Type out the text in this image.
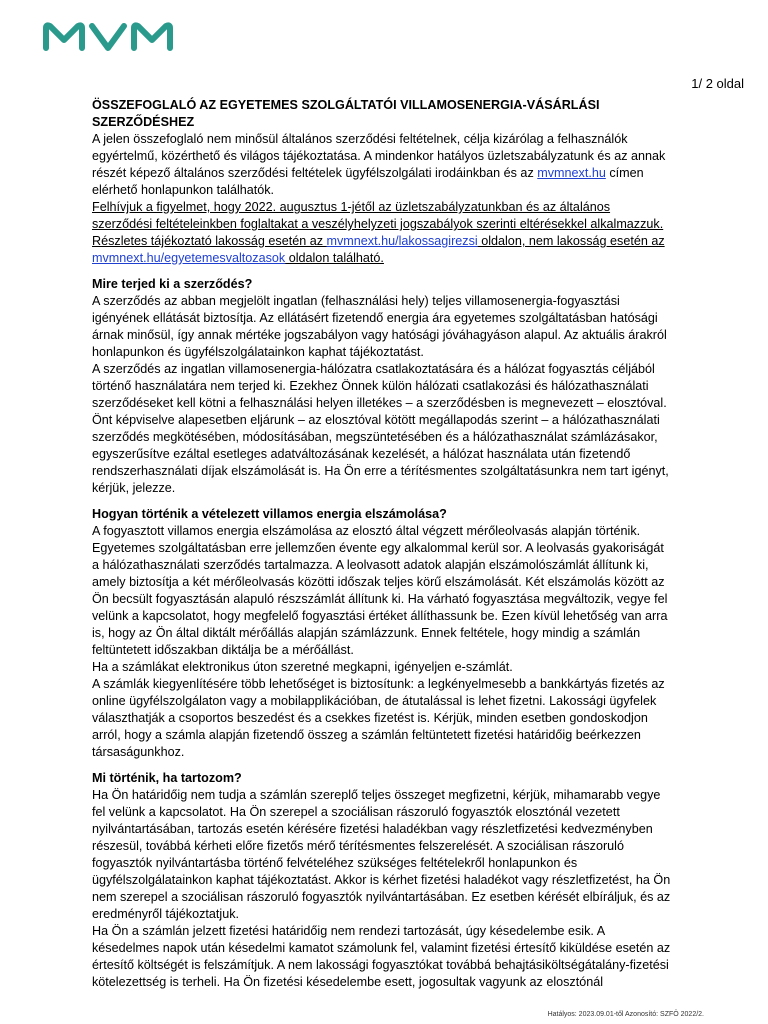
1/ 2 oldal

ÖSSZEFOGLALÓ AZ EGYETEMES SZOLGÁLTATÓI VILLAMOSENERGIA-VÁSÁRLÁSI SZERZŐDÉSHEZ

A jelen összefoglaló nem minősül általános szerződési feltételnek, célja kizárólag a felhasználók egyértelmű, közérthető és világos tájékoztatása. A mindenkor hatályos üzletszabályzatunk és az annak részét képező általános szerződési feltételek ügyfélszolgálati irodáinkban és az mvmnext.hu címen elérhető honlapunkon találhatók.

Felhívjuk a figyelmet, hogy 2022. augusztus 1-jétől az üzletszabályzatunkban és az általános szerződési feltételeinkben foglaltakat a veszélyhelyzeti jogszabályok szerinti eltérésekkel alkalmazzuk. Részletes tájékoztató lakosság esetén az mvmnext.hu/lakossagirezsi oldalon, nem lakosság esetén az mvmnext.hu/egyetemesvaltozasok oldalon található.

Mire terjed ki a szerződés?

A szerződés az abban megjelölt ingatlan (felhasználási hely) teljes villamosenergia-fogyasztási igényének ellátását biztosítja. Az ellátásért fizetendő energia ára egyetemes szolgáltatásban hatósági árnak minősül, így annak mértéke jogszabályon vagy hatósági jóváhagyáson alapul. Az aktuális árakról honlapunkon és ügyfélszolgálatainkon kaphat tájékoztatást.

A szerződés az ingatlan villamosenergia-hálózatra csatlakoztatására és a hálózat fogyasztás céljából történő használatára nem terjed ki. Ezekhez Önnek külön hálózati csatlakozási és hálózathasználati szerződéseket kell kötni a felhasználási helyen illetékes – a szerződésben is megnevezett – elosztóval. Önt képviselve alapesetben eljárunk – az elosztóval kötött megállapodás szerint – a hálózathasználati szerződés megkötésében, módosításában, megszüntetésében és a hálózathasználat számlázásakor, egyszerűsítve ezáltal esetleges adatváltozásának kezelését, a hálózat használata után fizetendő rendszerhasználati díjak elszámolását is. Ha Ön erre a térítésmentes szolgáltatásunkra nem tart igényt, kérjük, jelezze.

Hogyan történik a vételezett villamos energia elszámolása?

A fogyasztott villamos energia elszámolása az elosztó által végzett mérőleolvasás alapján történik. Egyetemes szolgáltatásban erre jellemzően évente egy alkalommal kerül sor. A leolvasás gyakoriságát a hálózathasználati szerződés tartalmazza. A leolvasott adatok alapján elszámolószámlát állítunk ki, amely biztosítja a két mérőleolvasás közötti időszak teljes körű elszámolását. Két elszámolás között az Ön becsült fogyasztásán alapuló részszámlát állítunk ki. Ha várható fogyasztása megváltozik, vegye fel velünk a kapcsolatot, hogy megfelelő fogyasztási értéket állíthassunk be. Ezen kívül lehetőség van arra is, hogy az Ön által diktált mérőállás alapján számlázzunk. Ennek feltétele, hogy mindig a számlán feltüntetett időszakban diktálja be a mérőállást.

Ha a számlákat elektronikus úton szeretné megkapni, igényeljen e-számlát.

A számlák kiegyenlítésére több lehetőséget is biztosítunk: a legkényelmesebb a bankkártyás fizetés az online ügyfélszolgálaton vagy a mobilapplikációban, de átutalással is lehet fizetni. Lakossági ügyfelek választhatják a csoportos beszedést és a csekkes fizetést is. Kérjük, minden esetben gondoskodjon arról, hogy a számla alapján fizetendő összeg a számlán feltüntetett fizetési határidőig beérkezzen társaságunkhoz.

Mi történik, ha tartozom?

Ha Ön határidőig nem tudja a számlán szereplő teljes összeget megfizetni, kérjük, mihamarabb vegye fel velünk a kapcsolatot. Ha Ön szerepel a szociálisan rászoruló fogyasztók elosztónál vezetett nyilvántartásában, tartozás esetén kérésére fizetési haladékban vagy részletfizetési kedvezményben részesül, továbbá kérheti előre fizetős mérő térítésmentes felszerelését. A szociálisan rászoruló fogyasztók nyilvántartásba történő felvételéhez szükséges feltételekről honlapunkon és ügyfélszolgálatainkon kaphat tájékoztatást. Akkor is kérhet fizetési haladékot vagy részletfizetést, ha Ön nem szerepel a szociálisan rászoruló fogyasztók nyilvántartásában. Ez esetben kérését elbíráljuk, és az eredményről tájékoztatjuk.

Ha Ön a számlán jelzett fizetési határidőig nem rendezi tartozását, úgy késedelembe esik. A késedelmes napok után késedelmi kamatot számolunk fel, valamint fizetési értesítő kiküldése esetén az értesítő költségét is felszámítjuk. A nem lakossági fogyasztókat továbbá behajtásiköltségátalány-fizetési kötelezettség is terheli. Ha Ön fizetési késedelembe esett, jogosultak vagyunk az elosztónál

Hatályos: 2023.09.01-től Azonosító: SZFÖ 2022/2.
